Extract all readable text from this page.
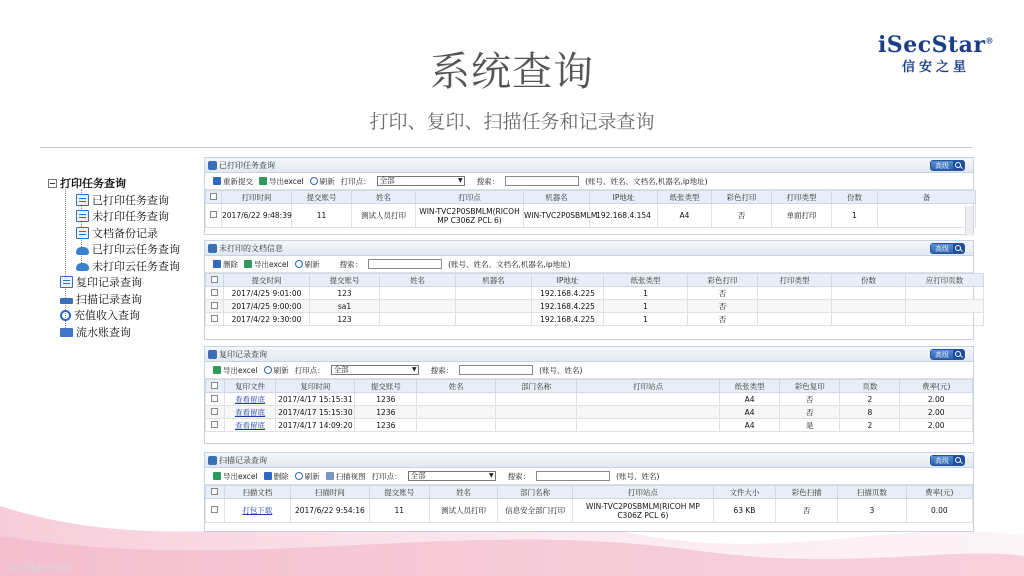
系统查询
打印、复印、扫描任务和记录查询
iSecStar®
信安之星
Confidential
打印任务查询
已打印任务查询
未打印任务查询
文档备份记录
已打印云任务查询
未打印云任务查询
复印记录查询
扫描记录查询
充值收入查询
流水账查询
已打印任务查询	高级
重新提交 导出excel 刷新 打印点：	全部 ▼	搜索：	(账号、姓名、文档名,机器名,ip地址)
	打印时间	提交账号	姓名	打印点	机器名	IP地址	纸张类型	彩色打印	打印类型	份数	备
	2017/6/22 9:48:39	11	测试人员打印	WIN-TVC2P0SBMLM(RICOH MP C306Z PCL 6)	WIN-TVC2P0SBMLM	192.168.4.154	A4	否	单面打印	1	
未打印的文档信息	高级
删除 导出excel 刷新	搜索：	(账号、姓名、文档名,机器名,ip地址)
	提交时间	提交账号	姓名	机器名	IP地址	纸张类型	彩色打印	打印类型	份数	应打印页数
	2017/4/25 9:01:00	123			192.168.4.225	1	否			
	2017/4/25 9:00:00	sa1			192.168.4.225	1	否			
	2017/4/22 9:30:00	123			192.168.4.225	1	否			
复印记录查询	高级
导出excel 刷新 打印点：	全部 ▼	搜索：	(账号、姓名)
	复印文件	复印时间	提交账号	姓名	部门名称	打印站点	纸张类型	彩色复印	页数	费率(元)
	查看留底	2017/4/17 15:15:31	1236				A4	否	2	2.00
	查看留底	2017/4/17 15:15:30	1236				A4	否	8	2.00
	查看留底	2017/4/17 14:09:20	1236				A4	是	2	2.00
扫描记录查询	高级
导出excel 删除 刷新 扫描视图 打印点：	全部 ▼	搜索：	(账号、姓名)
	扫描文档	扫描时间	提交账号	姓名	部门名称	打印站点	文件大小	彩色扫描	扫描页数	费率(元)
	打包下载	2017/6/22 9:54:16	11	测试人员打印	信息安全部门打印	WIN-TVC2P0SBMLM(RICOH MP C306Z PCL 6)	63 KB	否	3	0.00
